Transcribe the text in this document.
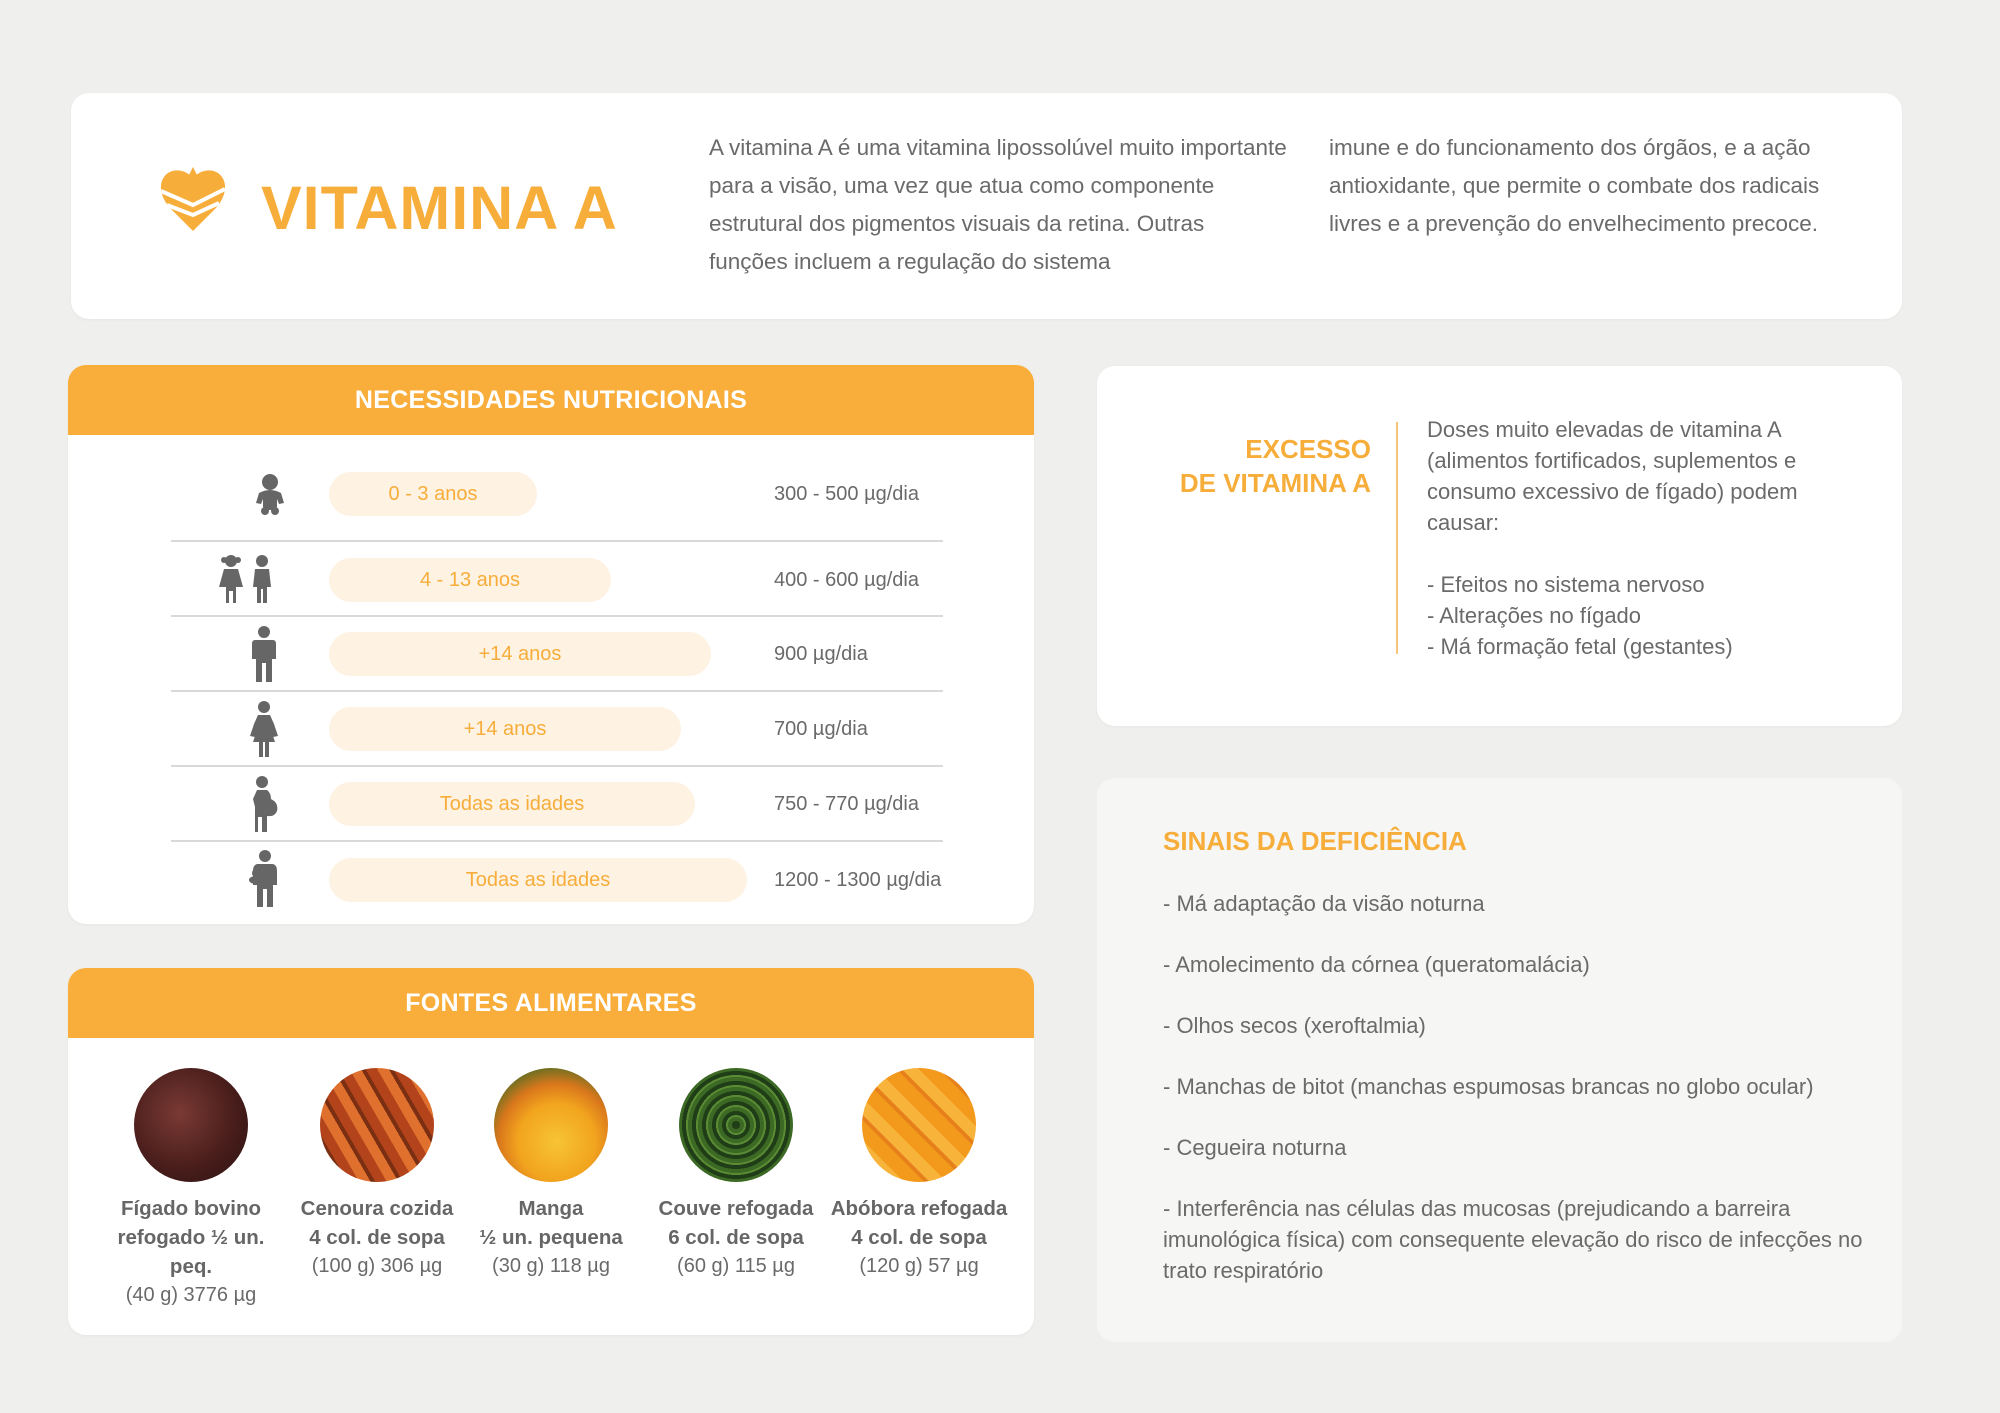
VITAMINA A

A vitamina A é uma vitamina lipossolúvel muito importante para a visão, uma vez que atua como componente estrutural dos pigmentos visuais da retina. Outras funções incluem a regulação do sistema

imune e do funcionamento dos órgãos, e a ação antioxidante, que permite o combate dos radicais livres e a prevenção do envelhecimento precoce.

NECESSIDADES NUTRICIONAIS
0 - 3 anos	300 - 500 µg/dia
4 - 13 anos	400 - 600 µg/dia
+14 anos	900 µg/dia
+14 anos	700 µg/dia
Todas as idades	750 - 770 µg/dia
Todas as idades	1200 - 1300 µg/dia
FONTES ALIMENTARES
Fígado bovino
refogado ½ un. peq.
(40 g) 3776 µg
Cenoura cozida
4 col. de sopa
(100 g) 306 µg
Manga
½ un. pequena
(30 g) 118 µg
Couve refogada
6 col. de sopa
(60 g) 115 µg
Abóbora refogada
4 col. de sopa
(120 g) 57 µg
EXCESSO
DE VITAMINA A

Doses muito elevadas de vitamina A (alimentos fortificados, suplementos e consumo excessivo de fígado) podem causar:

- Efeitos no sistema nervoso

- Alterações no fígado

- Má formação fetal (gestantes)

SINAIS DA DEFICIÊNCIA
- Má adaptação da visão noturna
- Amolecimento da córnea (queratomalácia)
- Olhos secos (xeroftalmia)
- Manchas de bitot (manchas espumosas brancas no globo ocular)
- Cegueira noturna
- Interferência nas células das mucosas (prejudicando a barreira imunológica física) com consequente elevação do risco de infecções no trato respiratório
